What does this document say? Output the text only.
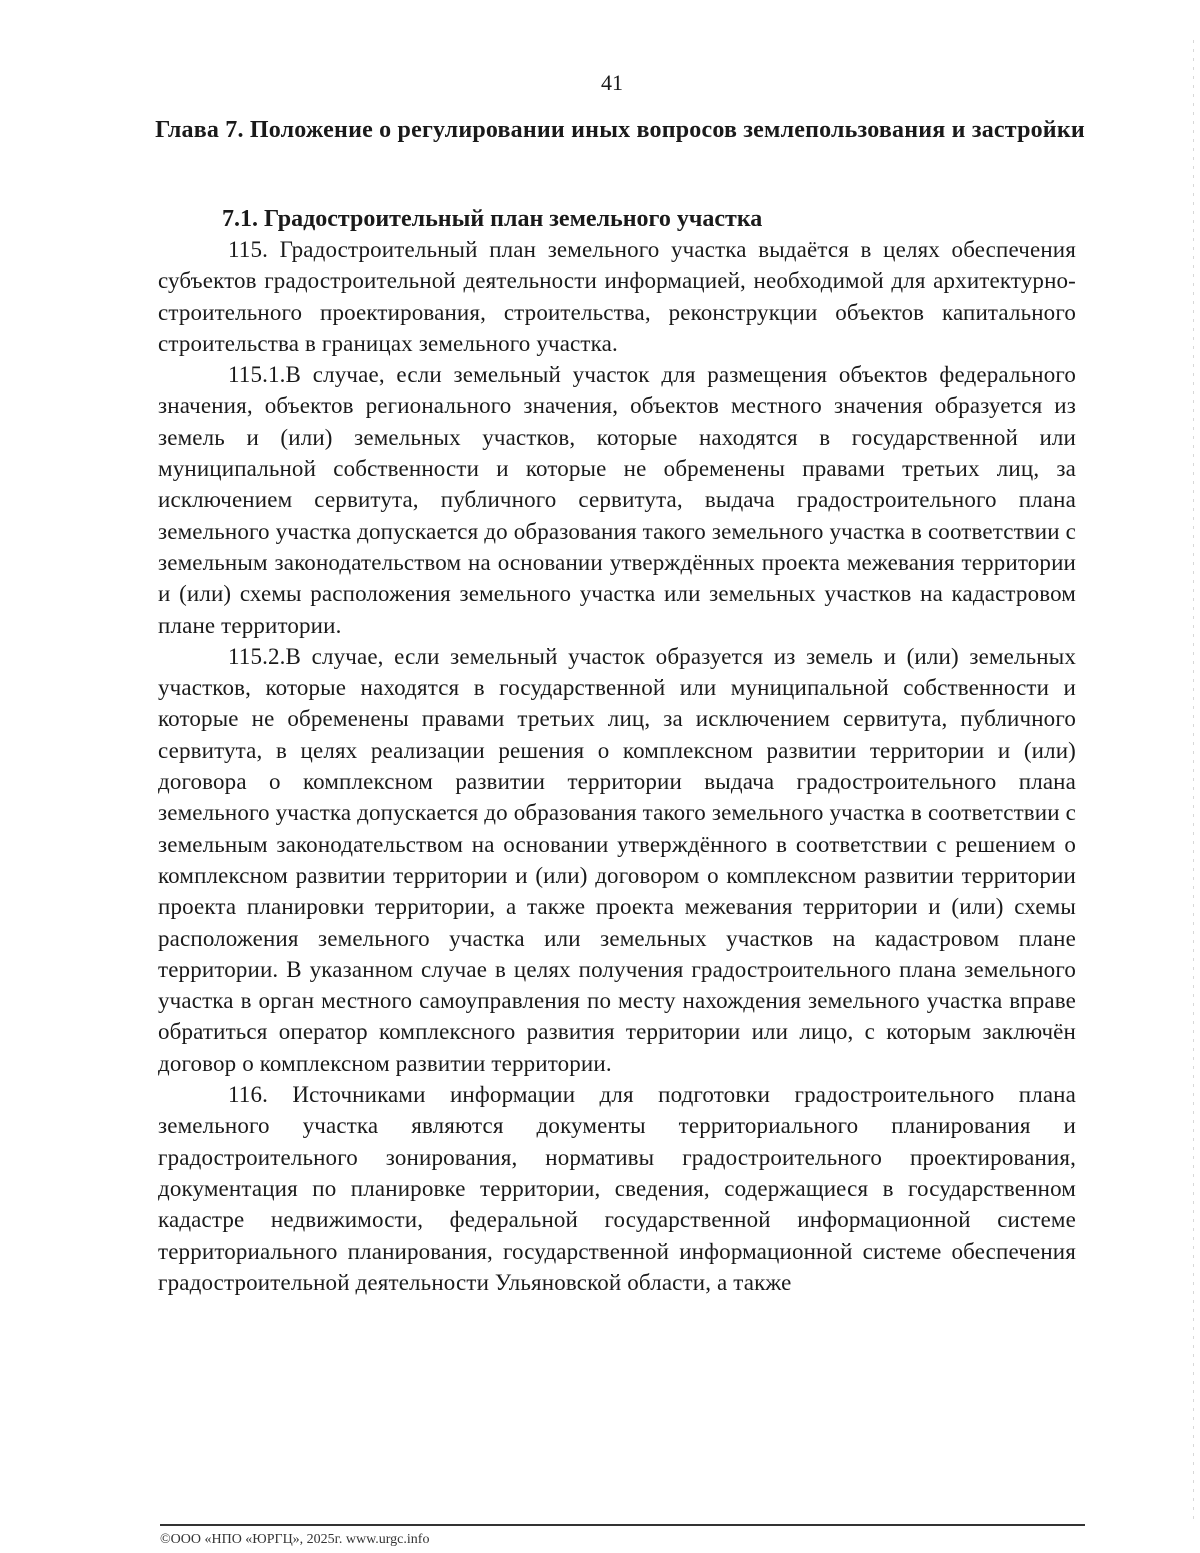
41
Глава 7. Положение о регулировании иных вопросов землепользования и застройки
7.1. Градостроительный план земельного участка

115. Градостроительный план земельного участка выдаётся в целях обеспечения субъектов градостроительной деятельности информацией, необходимой для архитектурно-строительного проектирования, строительства, реконструкции объектов капитального строительства в границах земельного участка.

115.1.В случае, если земельный участок для размещения объектов федерального значения, объектов регионального значения, объектов местного значения образуется из земель и (или) земельных участков, которые находятся в государственной или муниципальной собственности и которые не обременены правами третьих лиц, за исключением сервитута, публичного сервитута, выдача градостроительного плана земельного участка допускается до образования такого земельного участка в соответствии с земельным законодательством на основании утверждённых проекта межевания территории и (или) схемы расположения земельного участка или земельных участков на кадастровом плане территории.

115.2.В случае, если земельный участок образуется из земель и (или) земельных участков, которые находятся в государственной или муниципальной собственности и которые не обременены правами третьих лиц, за исключением сервитута, публичного сервитута, в целях реализации решения о комплексном развитии территории и (или) договора о комплексном развитии территории выдача градостроительного плана земельного участка допускается до образования такого земельного участка в соответствии с земельным законодательством на основании утверждённого в соответствии с решением о комплексном развитии территории и (или) договором о комплексном развитии территории проекта планировки территории, а также проекта межевания территории и (или) схемы расположения земельного участка или земельных участков на кадастровом плане территории. В указанном случае в целях получения градостроительного плана земельного участка в орган местного самоуправления по месту нахождения земельного участка вправе обратиться оператор комплексного развития территории или лицо, с которым заключён договор о комплексном развитии территории.

116. Источниками информации для подготовки градостроительного плана земельного участка являются документы территориального планирования и градостроительного зонирования, нормативы градостроительного проектирования, документация по планировке территории, сведения, содержащиеся в государственном кадастре недвижимости, федеральной государственной информационной системе территориального планирования, государственной информационной системе обеспечения градостроительной деятельности Ульяновской области, а также

©ООО «НПО «ЮРГЦ», 2025г. www.urgc.info
